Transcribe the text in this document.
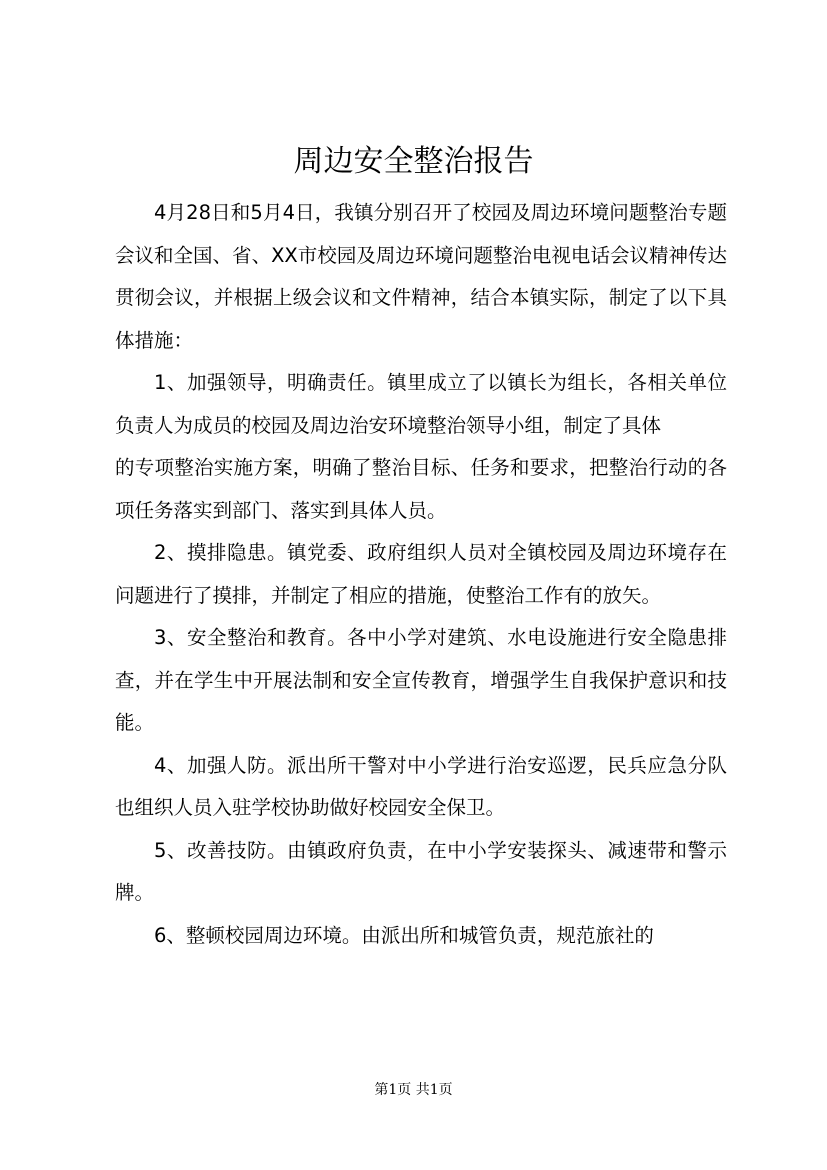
周边安全整治报告

4月28日和5月4日，我镇分别召开了校园及周边环境问题整治专题会议和全国、省、XX市校园及周边环境问题整治电视电话会议精神传达贯彻会议，并根据上级会议和文件精神，结合本镇实际，制定了以下具体措施：

1、加强领导，明确责任。镇里成立了以镇长为组长，各相关单位负责人为成员的校园及周边治安环境整治领导小组，制定了具体

的专项整治实施方案，明确了整治目标、任务和要求，把整治行动的各项任务落实到部门、落实到具体人员。

2、摸排隐患。镇党委、政府组织人员对全镇校园及周边环境存在问题进行了摸排，并制定了相应的措施，使整治工作有的放矢。

3、安全整治和教育。各中小学对建筑、水电设施进行安全隐患排查，并在学生中开展法制和安全宣传教育，增强学生自我保护意识和技能。

4、加强人防。派出所干警对中小学进行治安巡逻，民兵应急分队也组织人员入驻学校协助做好校园安全保卫。

5、改善技防。由镇政府负责，在中小学安装探头、减速带和警示牌。

6、整顿校园周边环境。由派出所和城管负责，规范旅社的

第1页 共1页
